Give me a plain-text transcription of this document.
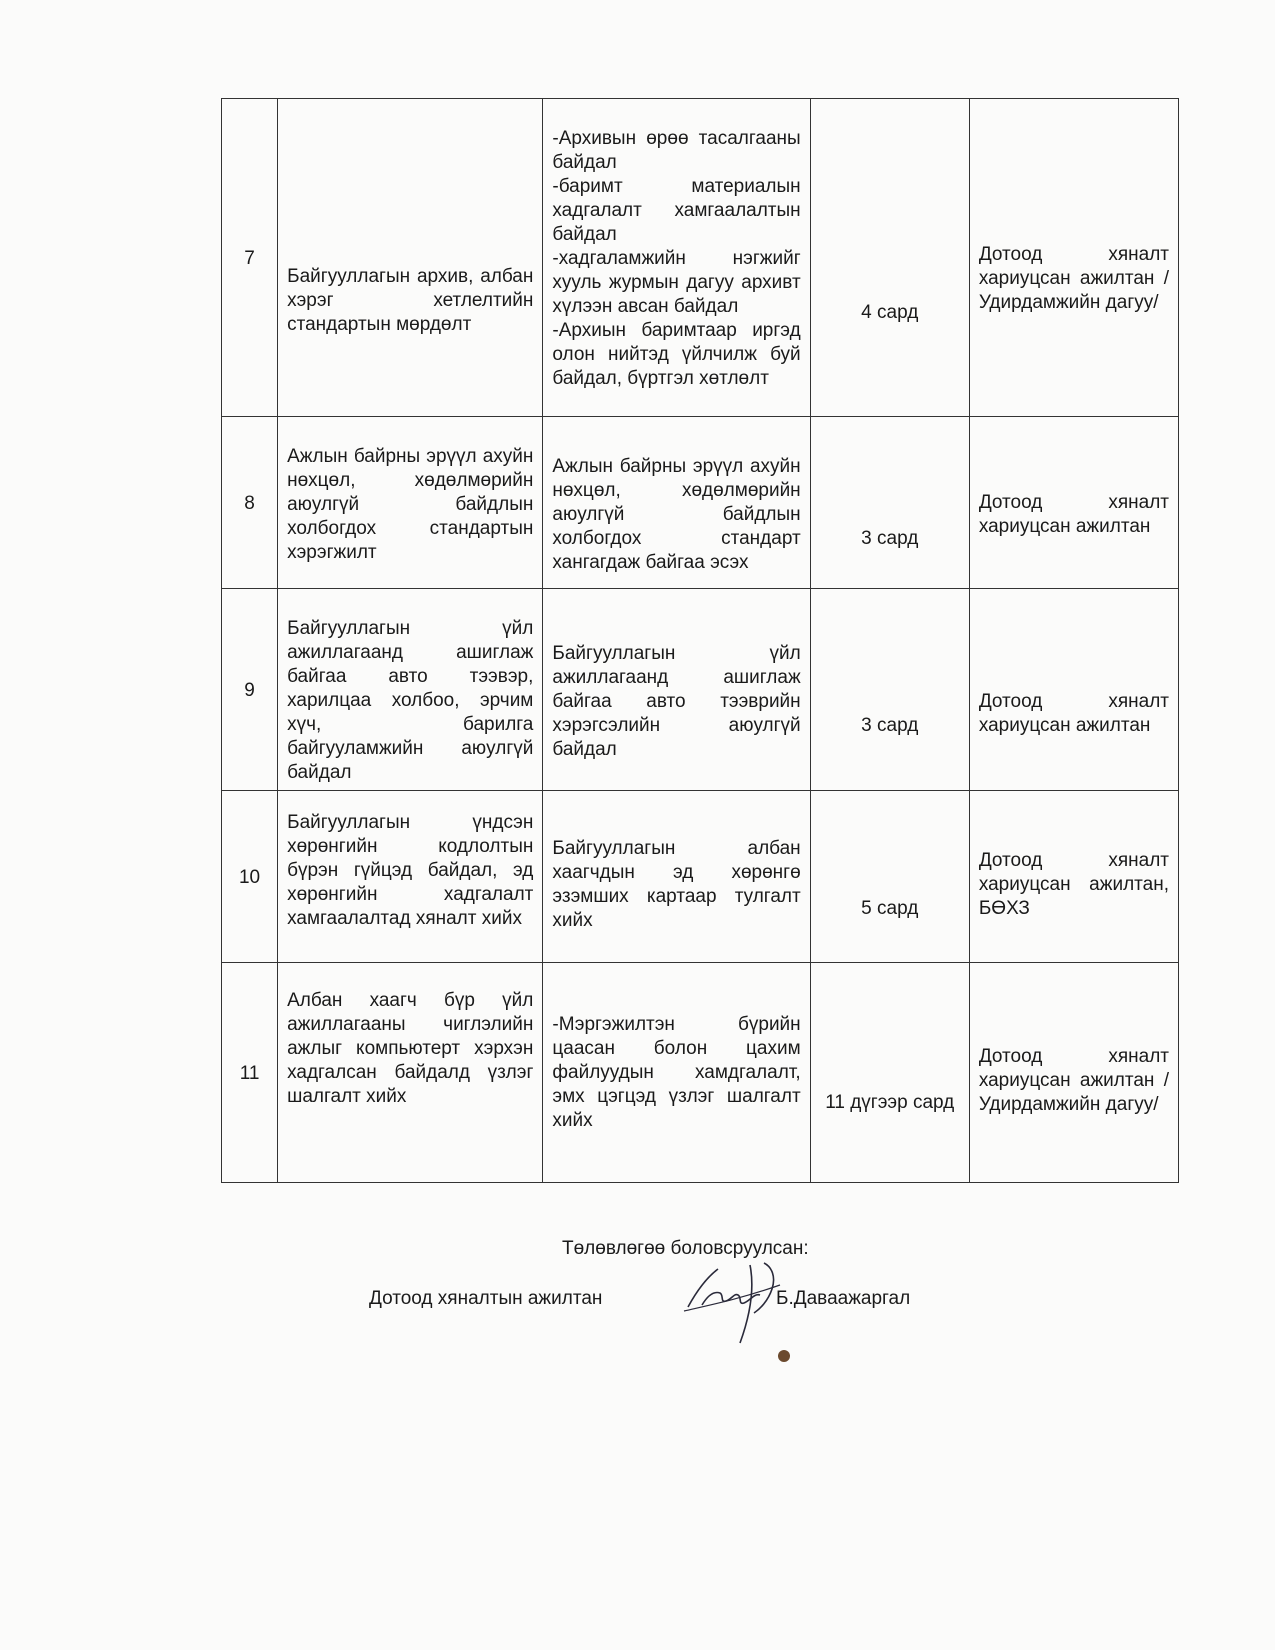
7	Байгууллагын архив, албан хэрэг хетлелтийн стандартын мөрдөлт	-Архивын өрөө тасалгааны байдал
-баримт материалын хадгалалт хамгаалалтын байдал
-хадгаламжийн нэгжийг хууль журмын дагуу архивт хүлээн авсан байдал
-Архиын баримтаар иргэд олон нийтэд үйлчилж буй байдал, бүртгэл хөтлөлт	4 сард	Дотоод хяналт хариуцсан ажилтан /Удирдамжийн дагуу/
8	Ажлын байрны эрүүл ахуйн нөхцөл, хөдөлмөрийн аюулгүй байдлын холбогдох стандартын хэрэгжилт	Ажлын байрны эрүүл ахуйн нөхцөл, хөдөлмөрийн аюулгүй байдлын холбогдох стандарт хангагдаж байгаа эсэх	3 сард	Дотоод хяналт хариуцсан ажилтан
9	Байгууллагын үйл ажиллагаанд ашиглаж байгаа авто тээвэр, харилцаа холбоо, эрчим хүч, барилга байгууламжийн аюулгүй байдал	Байгууллагын үйл ажиллагаанд ашиглаж байгаа авто тээврийн хэрэгсэлийн аюулгүй байдал	3 сард	Дотоод хяналт хариуцсан ажилтан
10	Байгууллагын үндсэн хөрөнгийн кодлолтын бүрэн гүйцэд байдал, эд хөрөнгийн хадгалалт хамгаалалтад хяналт хийх	Байгууллагын албан хаагчдын эд хөрөнгө эзэмших картаар тулгалт хийх	5 сард	Дотоод хяналт хариуцсан ажилтан, БӨХЗ
11	Албан хаагч бүр үйл ажиллагааны чиглэлийн ажлыг компьютерт хэрхэн хадгалсан байдалд үзлэг шалгалт хийх	-Мэргэжилтэн бүрийн цаасан болон цахим файлуудын хамдгалалт, эмх цэгцэд үзлэг шалгалт хийх	11 дүгээр сард	Дотоод хяналт хариуцсан ажилтан /Удирдамжийн дагуу/
Төлөвлөгөө боловсруулсан:
Дотоод хяналтын ажилтан	Б.Даваажаргал
